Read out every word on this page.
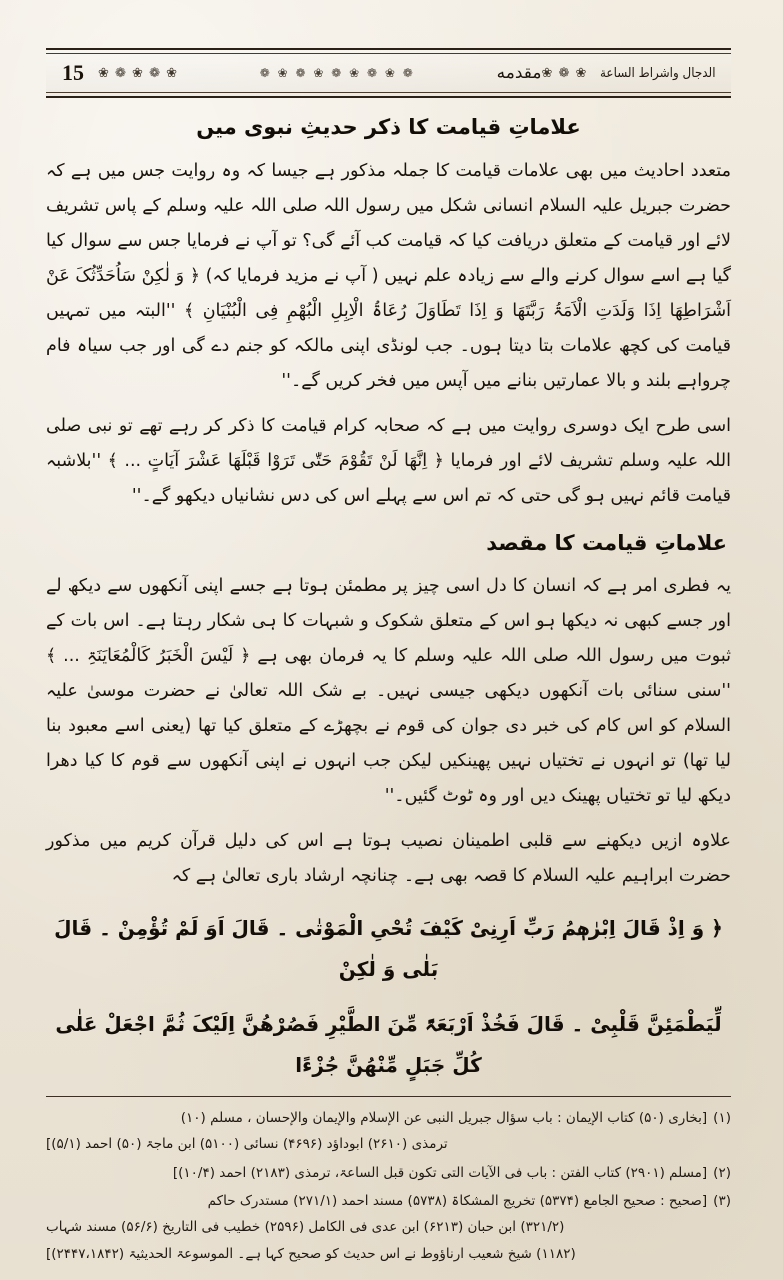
الدجال واشراط الساعة
❀ ❁ ❀
مقدمه
❁ ❀ ❁ ❀ ❁ ❀ ❁ ❀ ❁
❀ ❁ ❀ ❁ ❀
15
علاماتِ قیامت کا ذکر حدیثِ نبوی میں

متعدد احادیث میں بھی علامات قیامت کا جملہ مذکور ہے جیسا کہ وہ روایت جس میں ہے کہ حضرت جبریل علیہ السلام انسانی شکل میں رسول اللہ صلی اللہ علیہ وسلم کے پاس تشریف لائے اور قیامت کے متعلق دریافت کیا کہ قیامت کب آئے گی؟ تو آپ نے فرمایا جس سے سوال کیا گیا ہے اسے سوال کرنے والے سے زیادہ علم نہیں ( آپ نے مزید فرمایا کہ) ﴿ وَ لٰکِنْ سَاُحَدِّثُکَ عَنْ اَشْرَاطِھَا اِذَا وَلَدَتِ الْاَمَۃُ رَبَّتَھَا وَ اِذَا تَطَاوَلَ رُعَاۃُ الْاِبِلِ الْبُھْمِ فِی الْبُنْیَانِ ﴾ ''البتہ میں تمہیں قیامت کی کچھ علامات بتا دیتا ہوں۔ جب لونڈی اپنی مالکہ کو جنم دے گی اور جب سیاہ فام چرواہے بلند و بالا عمارتیں بنانے میں آپس میں فخر کریں گے۔''

اسی طرح ایک دوسری روایت میں ہے کہ صحابہ کرام قیامت کا ذکر کر رہے تھے تو نبی صلی اللہ علیہ وسلم تشریف لائے اور فرمایا ﴿ اِنَّھَا لَنْ تَقُوْمَ حَتّٰی تَرَوْا قَبْلَھَا عَشْرَ آیَاتٍ ... ﴾ ''بلاشبہ قیامت قائم نہیں ہو گی حتی کہ تم اس سے پہلے اس کی دس نشانیاں دیکھو گے۔''

علاماتِ قیامت کا مقصد

یہ فطری امر ہے کہ انسان کا دل اسی چیز پر مطمئن ہوتا ہے جسے اپنی آنکھوں سے دیکھ لے اور جسے کبھی نہ دیکھا ہو اس کے متعلق شکوک و شبہات کا ہی شکار رہتا ہے۔ اس بات کے ثبوت میں رسول اللہ صلی اللہ علیہ وسلم کا یہ فرمان بھی ہے ﴿ لَیْسَ الْخَبَرُ کَالْمُعَایَنَۃِ ... ﴾ ''سنی سنائی بات آنکھوں دیکھی جیسی نہیں۔ بے شک اللہ تعالیٰ نے حضرت موسیٰ علیہ السلام کو اس کام کی خبر دی جوان کی قوم نے بچھڑے کے متعلق کیا تھا (یعنی اسے معبود بنا لیا تھا) تو انہوں نے تختیاں نہیں پھینکیں لیکن جب انہوں نے اپنی آنکھوں سے قوم کا کیا دھرا دیکھ لیا تو تختیاں پھینک دیں اور وہ ٹوٹ گئیں۔''

علاوہ ازیں دیکھنے سے قلبی اطمینان نصیب ہوتا ہے اس کی دلیل قرآن کریم میں مذکور حضرت ابراہیم علیہ السلام کا قصہ بھی ہے۔ چنانچہ ارشاد باری تعالیٰ ہے کہ

﴿ وَ اِذْ قَالَ اِبْرٰھٖمُ رَبِّ اَرِنِیْ کَیْفَ تُحْیِ الْمَوْتٰی ۔ قَالَ اَوَ لَمْ تُؤْمِنْ ۔ قَالَ بَلٰی وَ لٰکِنْ
لِّیَطْمَئِنَّ قَلْبِیْ ۔ قَالَ فَخُذْ اَرْبَعَۃً مِّنَ الطَّیْرِ فَصُرْھُنَّ اِلَیْکَ ثُمَّ اجْعَلْ عَلٰی کُلِّ جَبَلٍ مِّنْھُنَّ جُزْءًا
(۱)
[بخاری (۵۰) کتاب الإیمان : باب سؤال جبریل النبی عن الإسلام والإیمان والإحسان ، مسلم (۱۰)
ترمذی (۲۶۱۰) ابوداؤد (۴۶۹۶) نسائی (۵۱۰۰) ابن ماجۃ (۵۰) احمد (۵/۱)]
(۲)
[مسلم (۲۹۰۱) کتاب الفتن : باب فی الآیات التی تکون قبل الساعۃ، ترمذی (۲۱۸۳) احمد (۱۰/۴)]
(۳)
[صحیح : صحیح الجامع (۵۳۷۴) تخریج المشکاۃ (۵۷۳۸) مسند احمد (۲۷۱/۱) مستدرک حاکم
(۳۲۱/۲) ابن حبان (۶۲۱۳) ابن عدی فی الکامل (۲۵۹۶) خطیب فی التاریخ (۵۶/۶) مسند شہاب
(۱۱۸۲) شیخ شعیب ارناؤوط نے اس حدیث کو صحیح کہا ہے۔ الموسوعۃ الحدیثیۃ (۲۴۴۷،۱۸۴۲)]
